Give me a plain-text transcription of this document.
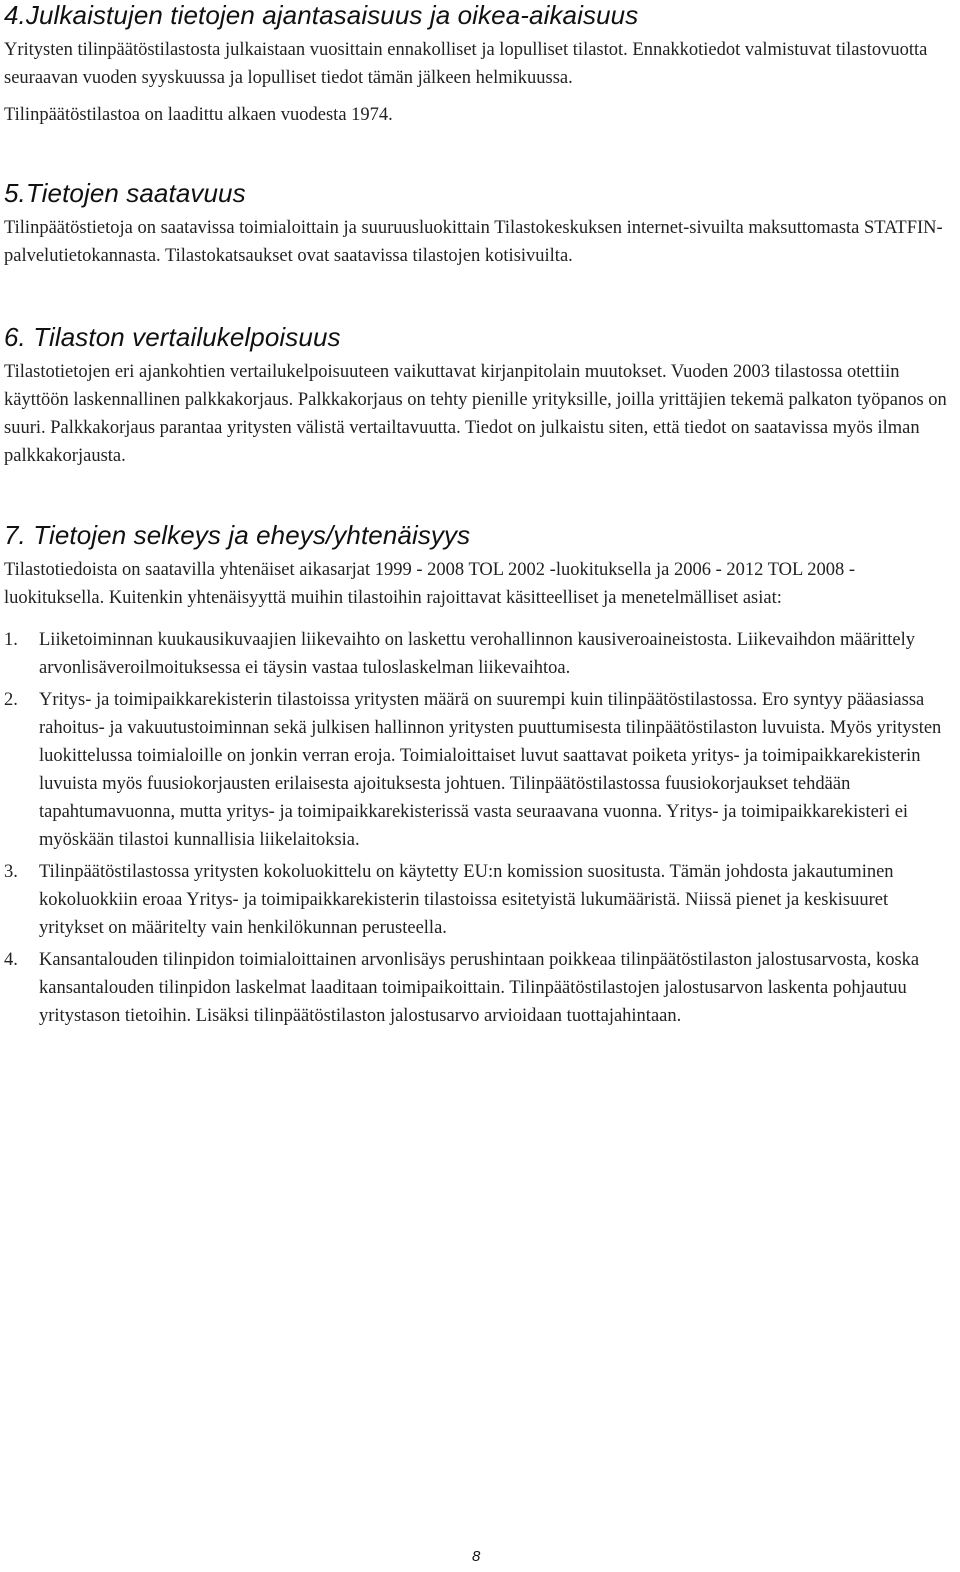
4.Julkaistujen tietojen ajantasaisuus ja oikea-aikaisuus

Yritysten tilinpäätöstilastosta julkaistaan vuosittain ennakolliset ja lopulliset tilastot. Ennakkotiedot valmistuvat tilastovuotta seuraavan vuoden syyskuussa ja lopulliset tiedot tämän jälkeen helmikuussa.

Tilinpäätöstilastoa on laadittu alkaen vuodesta 1974.

5.Tietojen saatavuus

Tilinpäätöstietoja on saatavissa toimialoittain ja suuruusluokittain Tilastokeskuksen internet-sivuilta maksuttomasta STATFIN-palvelutietokannasta. Tilastokatsaukset ovat saatavissa tilastojen kotisivuilta.

6. Tilaston vertailukelpoisuus

Tilastotietojen eri ajankohtien vertailukelpoisuuteen vaikuttavat kirjanpitolain muutokset. Vuoden 2003 tilastossa otettiin käyttöön laskennallinen palkkakorjaus. Palkkakorjaus on tehty pienille yrityksille, joilla yrittäjien tekemä palkaton työpanos on suuri. Palkkakorjaus parantaa yritysten välistä vertailtavuutta. Tiedot on julkaistu siten, että tiedot on saatavissa myös ilman palkkakorjausta.

7. Tietojen selkeys ja eheys/yhtenäisyys

Tilastotiedoista on saatavilla yhtenäiset aikasarjat 1999 - 2008 TOL 2002 -luokituksella ja 2006 - 2012 TOL 2008 -luokituksella. Kuitenkin yhtenäisyyttä muihin tilastoihin rajoittavat käsitteelliset ja menetelmälliset asiat:

1. Liiketoiminnan kuukausikuvaajien liikevaihto on laskettu verohallinnon kausiveroaineistosta. Liikevaihdon määrittely arvonlisäveroilmoituksessa ei täysin vastaa tuloslaskelman liikevaihtoa.
2. Yritys- ja toimipaikkarekisterin tilastoissa yritysten määrä on suurempi kuin tilinpäätöstilastossa. Ero syntyy pääasiassa rahoitus- ja vakuutustoiminnan sekä julkisen hallinnon yritysten puuttumisesta tilinpäätöstilaston luvuista. Myös yritysten luokittelussa toimialoille on jonkin verran eroja. Toimialoittaiset luvut saattavat poiketa yritys- ja toimipaikkarekisterin luvuista myös fuusiokorjausten erilaisesta ajoituksesta johtuen. Tilinpäätöstilastossa fuusiokorjaukset tehdään tapahtumavuonna, mutta yritys- ja toimipaikkarekisterissä vasta seuraavana vuonna. Yritys- ja toimipaikkarekisteri ei myöskään tilastoi kunnallisia liikelaitoksia.
3. Tilinpäätöstilastossa yritysten kokoluokittelu on käytetty EU:n komission suositusta. Tämän johdosta jakautuminen kokoluokkiin eroaa Yritys- ja toimipaikkarekisterin tilastoissa esitetyistä lukumääristä. Niissä pienet ja keskisuuret yritykset on määritelty vain henkilökunnan perusteella.
4. Kansantalouden tilinpidon toimialoittainen arvonlisäys perushintaan poikkeaa tilinpäätöstilaston jalostusarvosta, koska kansantalouden tilinpidon laskelmat laaditaan toimipaikoittain. Tilinpäätöstilastojen jalostusarvon laskenta pohjautuu yritystason tietoihin. Lisäksi tilinpäätöstilaston jalostusarvo arvioidaan tuottajahintaan.
8
